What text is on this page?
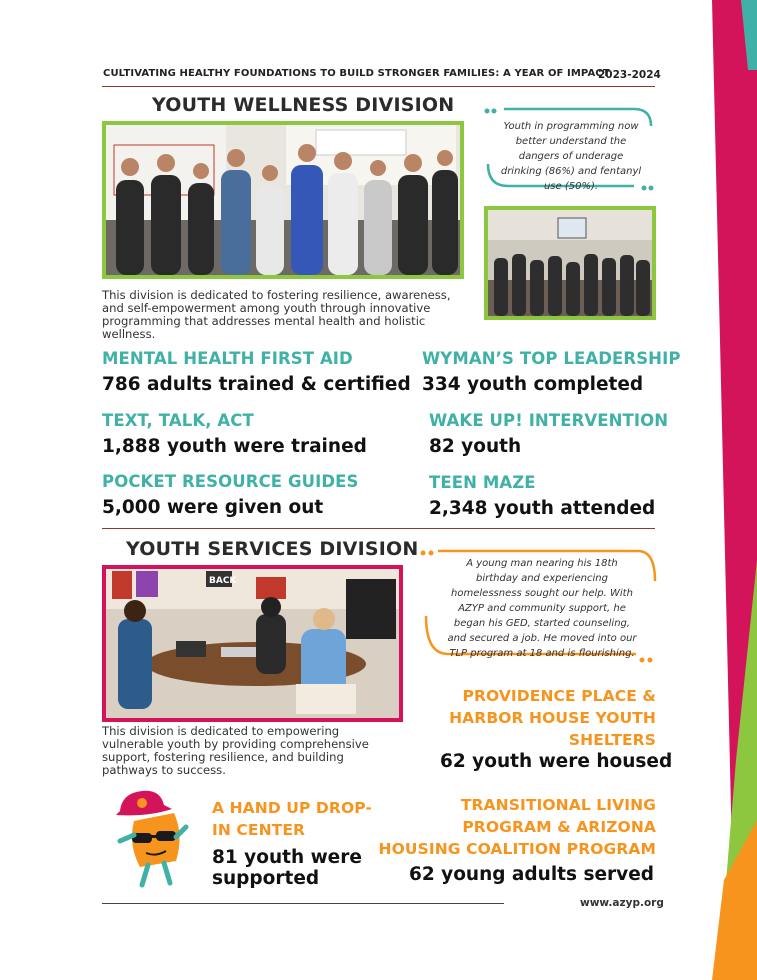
CULTIVATING HEALTHY FOUNDATIONS TO BUILD STRONGER FAMILIES: A YEAR OF IMPACT
2023-2024
YOUTH WELLNESS DIVISION
Youth in programming now better understand the dangers of underage drinking (86%) and fentanyl use (50%).
This division is dedicated to fostering resilience, awareness, and self-empowerment among youth through innovative programming that addresses mental health and holistic wellness.
MENTAL HEALTH FIRST AID
786 adults trained & certified
WYMAN’S TOP LEADERSHIP
334 youth completed
TEXT, TALK, ACT
1,888 youth were trained
WAKE UP! INTERVENTION
82 youth
POCKET RESOURCE GUIDES
5,000 were given out
TEEN MAZE
2,348 youth attended
YOUTH SERVICES DIVISION
BACK
This division is dedicated to empowering vulnerable youth by providing comprehensive support, fostering resilience, and building pathways to success.
A young man nearing his 18th birthday and experiencing homelessness sought our help. With AZYP and community support, he began his GED, started counseling, and secured a job. He moved into our TLP program at 18 and is flourishing.
PROVIDENCE PLACE & HARBOR HOUSE YOUTH SHELTERS
62 youth were housed
A HAND UP DROP-IN CENTER
81 youth were supported
TRANSITIONAL LIVING PROGRAM & ARIZONA HOUSING COALITION PROGRAM
62 young adults served
www.azyp.org
